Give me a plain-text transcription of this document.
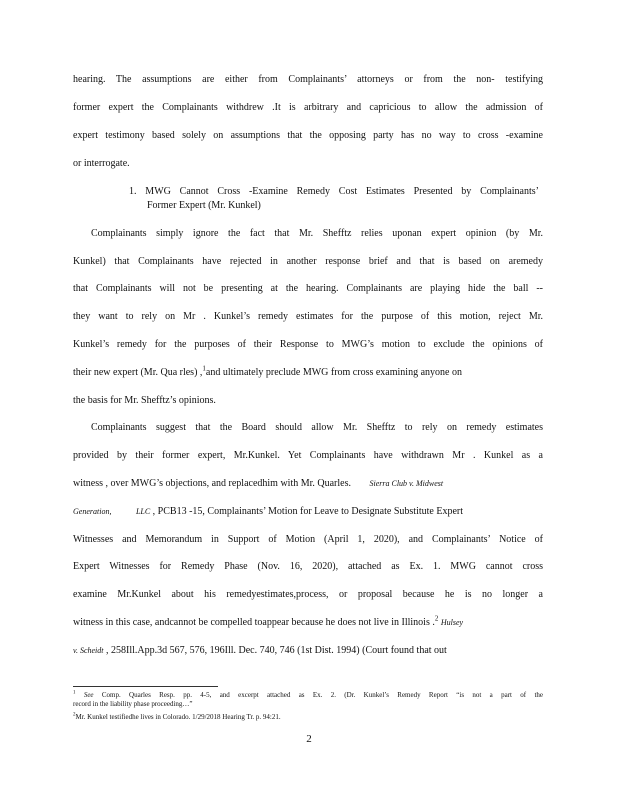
hearing. The assumptions are either from Complainants’ attorneys or from the non- testifying
former expert the Complainants withdrew .It is arbitrary and capricious to allow the admission of
expert testimony based solely on assumptions that the opposing party has no way to cross -examine
or interrogate.
1. MWG Cannot Cross -Examine Remedy Cost Estimates Presented by Complainants’
Former Expert (Mr. Kunkel)
Complainants simply ignore the fact that Mr. Shefftz relies uponan expert opinion (by Mr.
Kunkel) that Complainants have rejected in another response brief and that is based on aremedy
that Complainants will not be presenting at the hearing. Complainants are playing hide the ball --
they want to rely on Mr . Kunkel’s remedy estimates for the purpose of this motion, reject Mr.
Kunkel’s remedy for the purposes of their Response to MWG’s motion to exclude the opinions of
their new expert (Mr. Qua rles) ,$^1$and ultimately preclude MWG from cross examining anyone on
the basis for Mr. Shefftz’s opinions.
Complainants suggest that the Board should allow Mr. Shefftz to rely on remedy estimates
provided by their former expert, Mr.Kunkel. Yet Complainants have withdrawn Mr . Kunkel as a
witness , over MWG’s objections, and replacedhim with Mr. Quarles. Sierra Club v. Midwest
Generation,	LLC , PCB13 -15, Complainants’ Motion for Leave to Designate Substitute Expert
Witnesses and Memorandum in Support of Motion (April 1, 2020), and Complainants’ Notice of
Expert Witnesses for Remedy Phase (Nov. 16, 2020), attached as Ex. 1. MWG cannot cross
examine Mr.Kunkel about his remedyestimates,process, or proposal because he is no longer a
witness in this case, andcannot be compelled toappear because he does not live in Illinois .$^2$ Hulsey
v. Scheidt , 258Ill.App.3d 567, 576, 196Ill. Dec. 740, 746 (1st Dist. 1994) (Court found that out
$^1$ See Comp. Quarles Resp. pp. 4-5, and excerpt attached as Ex. 2. (Dr. Kunkel’s Remedy Report “is not a part of the
record in the liability phase proceeding…”
$^2$Mr. Kunkel testifiedhe lives in Colorado. 1/29/2018 Hearing Tr. p. 94:21.
2
